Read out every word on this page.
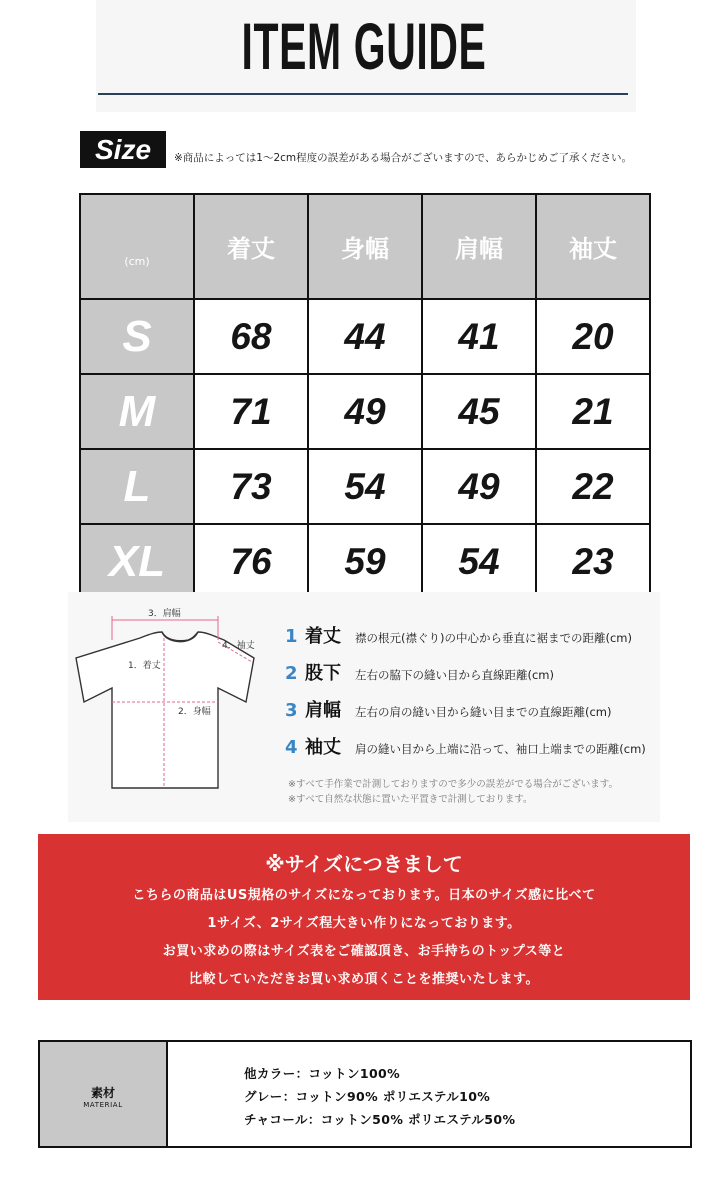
ITEM GUIDE
Size	※商品によっては1〜2cm程度の誤差がある場合がございますので、あらかじめご了承ください。
(cm)	着丈	身幅	肩幅	袖丈
S	68	44	41	20
M	71	49	45	21
L	73	54	49	22
XL	76	59	54	23
3．肩幅
4．袖丈
1．着丈
2．身幅
1 着丈	襟の根元(襟ぐり)の中心から垂直に裾までの距離(cm)
2 股下	左右の脇下の縫い目から直線距離(cm)
3 肩幅	左右の肩の縫い目から縫い目までの直線距離(cm)
4 袖丈	肩の縫い目から上端に沿って、袖口上端までの距離(cm)
※すべて手作業で計測しておりますので多少の誤差がでる場合がございます。
※すべて自然な状態に置いた平置きで計測しております。
※サイズにつきまして
こちらの商品はUS規格のサイズになっております。日本のサイズ感に比べて
1サイズ、2サイズ程大きい作りになっております。
お買い求めの際はサイズ表をご確認頂き、お手持ちのトップス等と
比較していただきお買い求め頂くことを推奨いたします。
素材
MATERIAL
他カラー：コットン100%
グレー：コットン90% ポリエステル10%
チャコール：コットン50% ポリエステル50%
